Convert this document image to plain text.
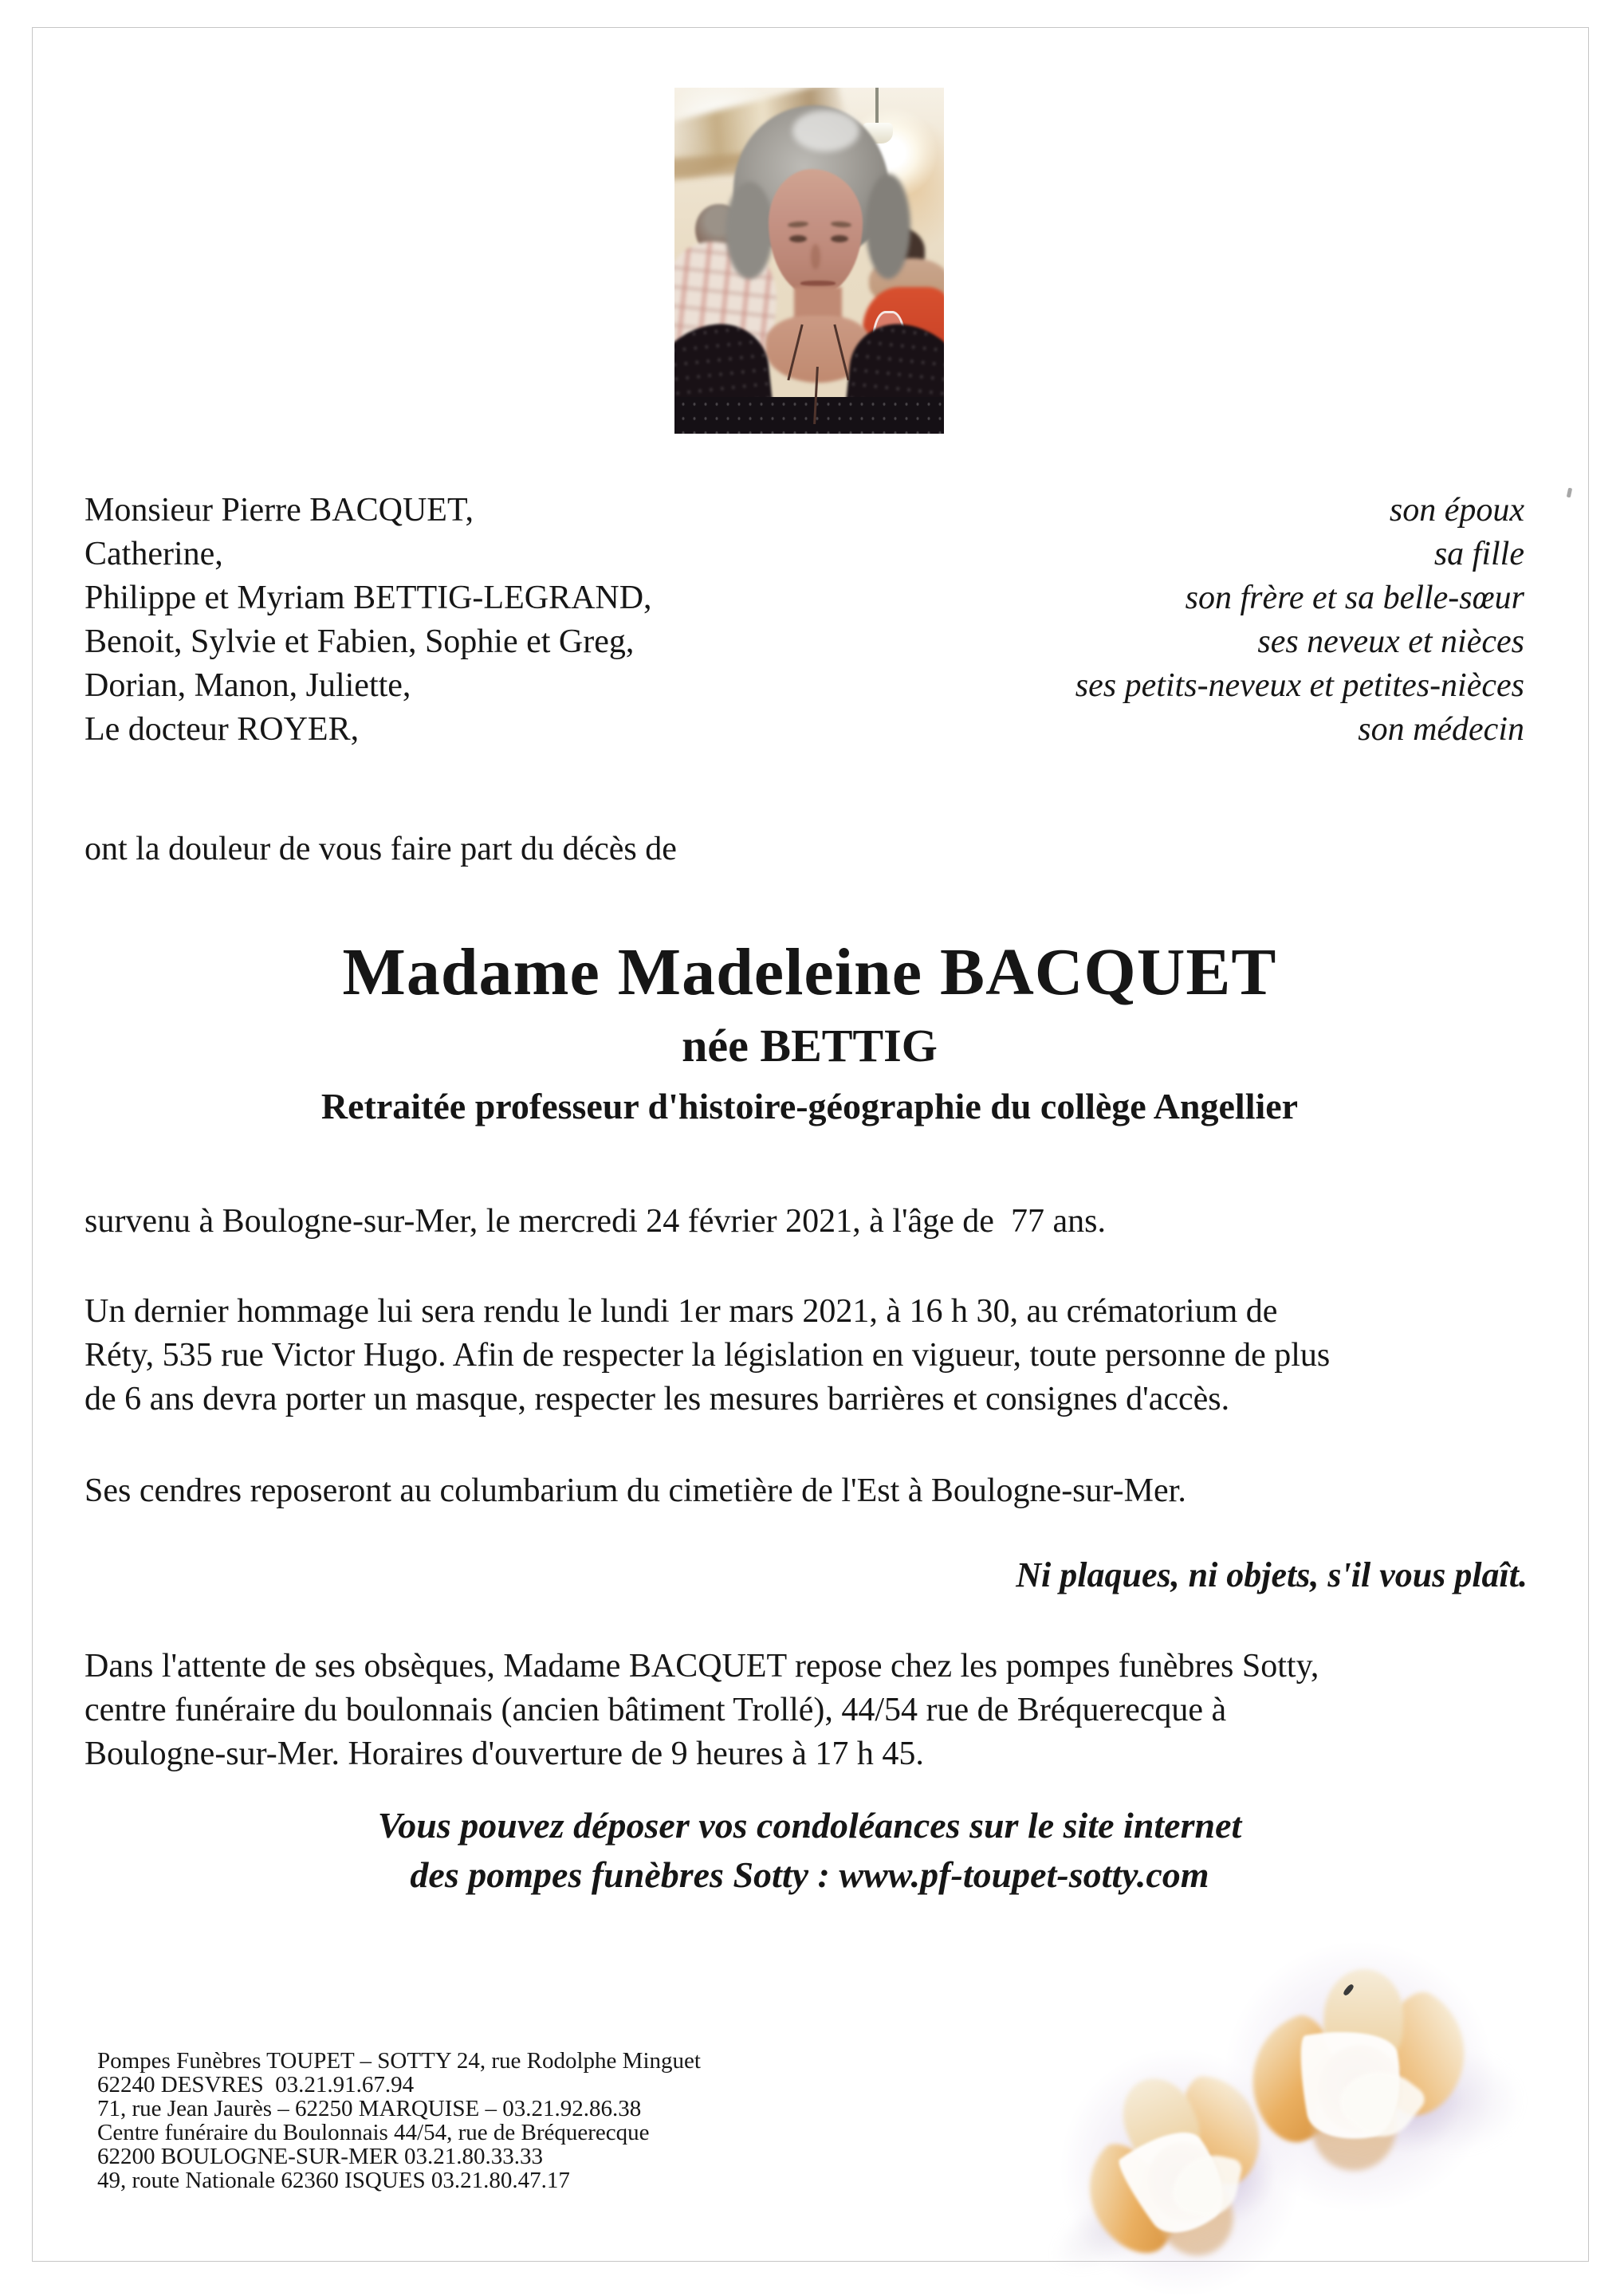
Monsieur Pierre BACQUET,	son époux
Catherine,	sa fille
Philippe et Myriam BETTIG-LEGRAND,	son frère et sa belle-sœur
Benoit, Sylvie et Fabien, Sophie et Greg,	ses neveux et nièces
Dorian, Manon, Juliette,	ses petits-neveux et petites-nièces
Le docteur ROYER,	son médecin

ont la douleur de vous faire part du décès de

Madame Madeleine BACQUET
née BETTIG
Retraitée professeur d'histoire-géographie du collège Angellier

survenu à Boulogne-sur-Mer, le mercredi 24 février 2021, à l'âge de  77 ans.

Un dernier hommage lui sera rendu le lundi 1er mars 2021, à 16 h 30, au crématorium de
Réty, 535 rue Victor Hugo. Afin de respecter la législation en vigueur, toute personne de plus
de 6 ans devra porter un masque, respecter les mesures barrières et consignes d'accès.

Ses cendres reposeront au columbarium du cimetière de l'Est à Boulogne-sur-Mer.

Ni plaques, ni objets, s'il vous plaît.

Dans l'attente de ses obsèques, Madame BACQUET repose chez les pompes funèbres Sotty,
centre funéraire du boulonnais (ancien bâtiment Trollé), 44/54 rue de Bréquerecque à
Boulogne-sur-Mer. Horaires d'ouverture de 9 heures à 17 h 45.

Vous pouvez déposer vos condoléances sur le site internet

des pompes funèbres Sotty : www.pf-toupet-sotty.com

Pompes Funèbres TOUPET – SOTTY 24, rue Rodolphe Minguet
62240 DESVRES  03.21.91.67.94
71, rue Jean Jaurès – 62250 MARQUISE – 03.21.92.86.38
Centre funéraire du Boulonnais 44/54, rue de Bréquerecque
62200 BOULOGNE-SUR-MER 03.21.80.33.33
49, route Nationale 62360 ISQUES 03.21.80.47.17
